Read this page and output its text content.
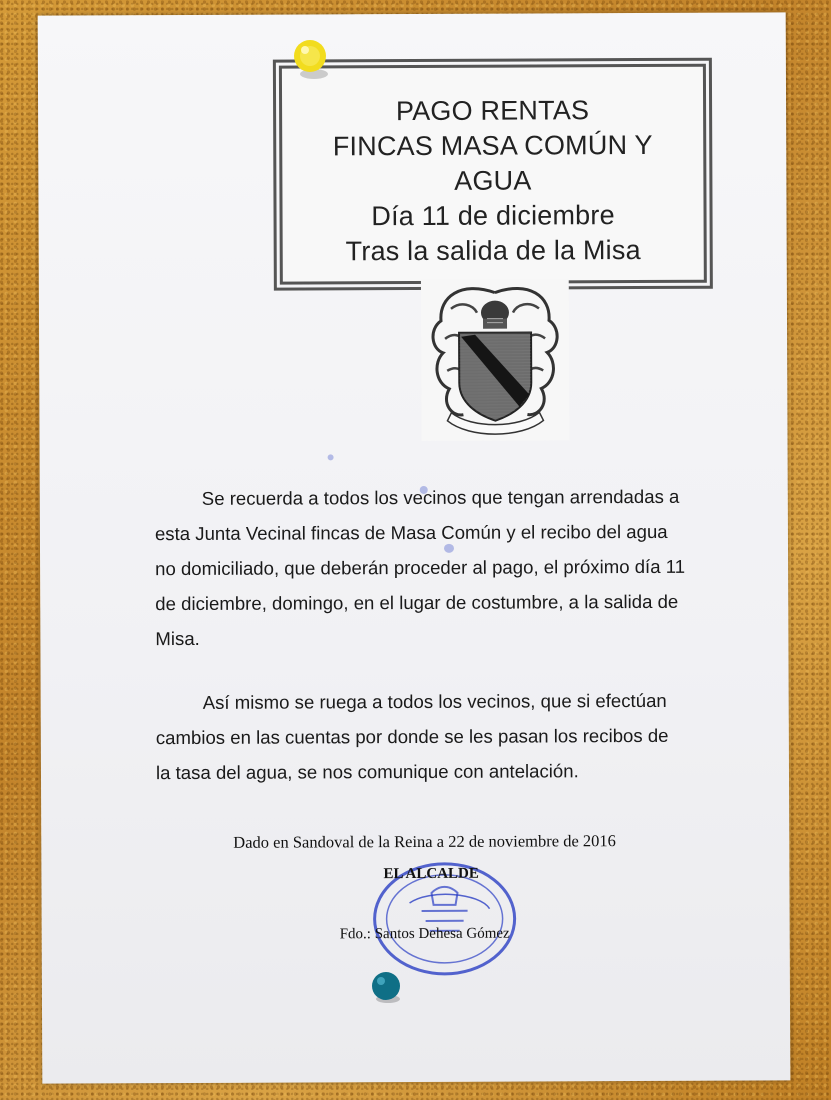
PAGO RENTAS
FINCAS MASA COMÚN Y
AGUA
Día 11 de diciembre
Tras la salida de la Misa
Se recuerda a todos los vecinos que tengan arrendadas a
esta Junta Vecinal fincas de Masa Común y el recibo del agua
no domiciliado, que deberán proceder al pago, el próximo día 11
de diciembre, domingo, en el lugar de costumbre, a la salida de
Misa.
Así mismo se ruega a todos los vecinos, que si efectúan
cambios en las cuentas por donde se les pasan los recibos de
la tasa del agua, se nos comunique con antelación.
Dado en Sandoval de la Reina a 22 de noviembre de 2016
EL ALCALDE
Fdo.: Santos Dehesa Gómez
